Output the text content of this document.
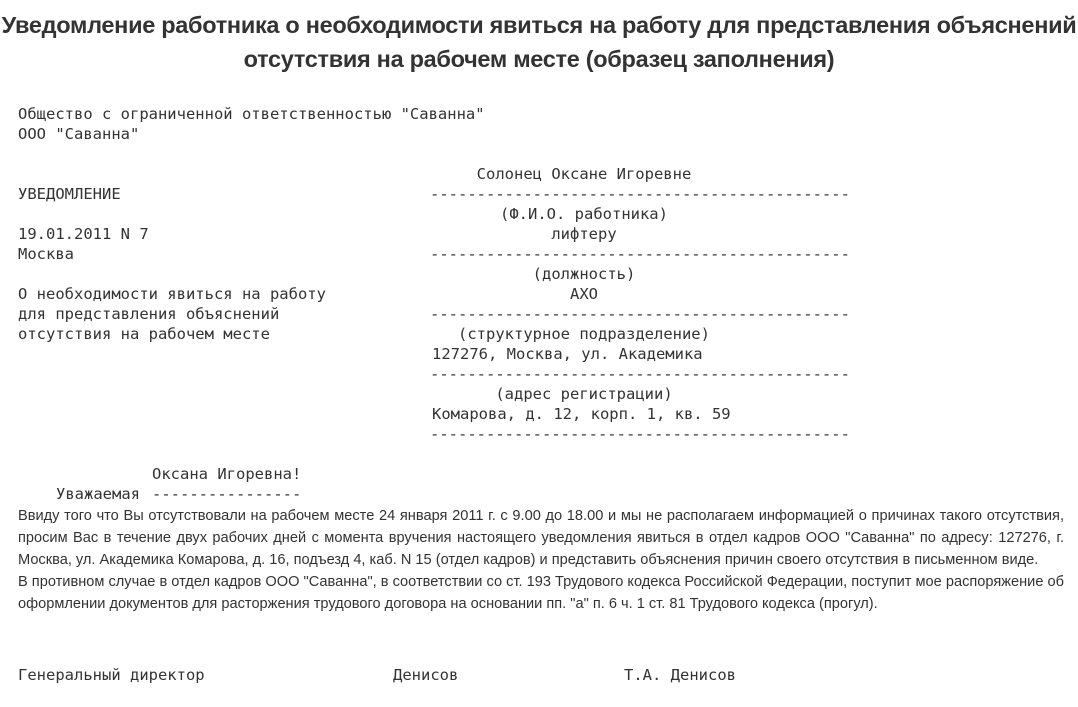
Уведомление работника о необходимости явиться на работу для представления объяснений
отсутствия на рабочем месте (образец заполнения)
Общество с ограниченной ответственностью "Саванна"
ООО "Саванна"
УВЕДОМЛЕНИЕ
19.01.2011 N 7
Москва
О необходимости явиться на работу
для представления объяснений
отсутствия на рабочем месте
Солонец Оксане Игоревне
---------------------------------------------
(Ф.И.О. работника)
лифтеру
---------------------------------------------
(должность)
АХО
---------------------------------------------
(структурное подразделение)
127276, Москва, ул. Академика
---------------------------------------------
(адрес регистрации)
Комарова, д. 12, корп. 1, кв. 59
---------------------------------------------
Оксана Игоревна!
Уважаемая ----------------

Ввиду того что Вы отсутствовали на рабочем месте 24 января 2011 г. с 9.00 до 18.00 и мы не располагаем информацией о причинах такого отсутствия, просим Вас в течение двух рабочих дней с момента вручения настоящего уведомления явиться в отдел кадров ООО "Саванна" по адресу: 127276, г. Москва, ул. Академика Комарова, д. 16, подъезд 4, каб. N 15 (отдел кадров) и представить объяснения причин своего отсутствия в письменном виде.

В противном случае в отдел кадров ООО "Саванна", в соответствии со ст. 193 Трудового кодекса Российской Федерации, поступит мое распоряжение об оформлении документов для расторжения трудового договора на основании пп. "а" п. 6 ч. 1 ст. 81 Трудового кодекса (прогул).

Генеральный директор	Денисов	Т.А. Денисов
